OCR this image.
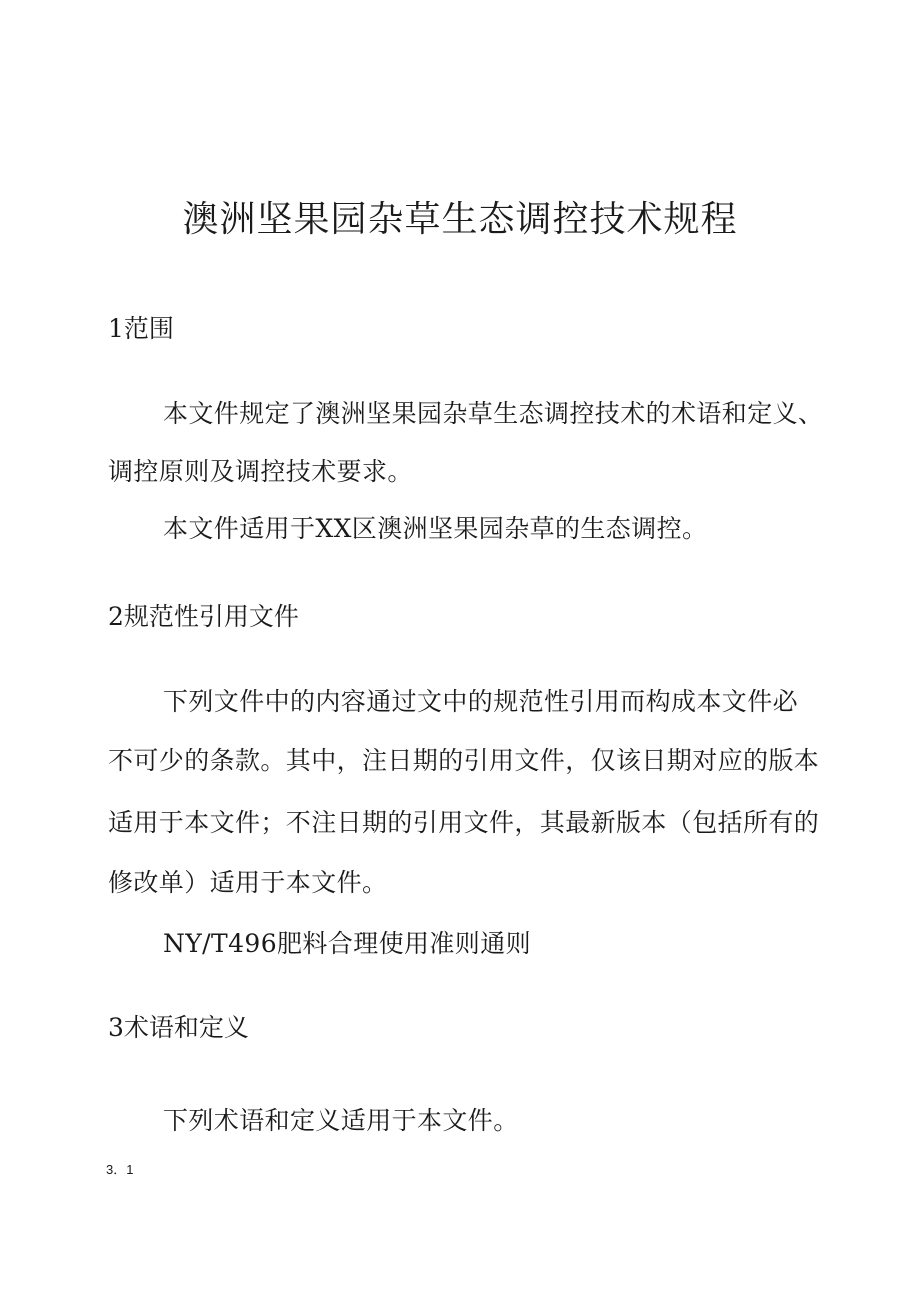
澳洲坚果园杂草生态调控技术规程
1范围

本文件规定了澳洲坚果园杂草生态调控技术的术语和定义、

调控原则及调控技术要求。

本文件适用于XX区澳洲坚果园杂草的生态调控。

2规范性引用文件

下列文件中的内容通过文中的规范性引用而构成本文件必

不可少的条款。其中，注日期的引用文件，仅该日期对应的版本

适用于本文件；不注日期的引用文件，其最新版本（包括所有的

修改单）适用于本文件。

NY/T496肥料合理使用准则通则

3术语和定义

下列术语和定义适用于本文件。

3．1
